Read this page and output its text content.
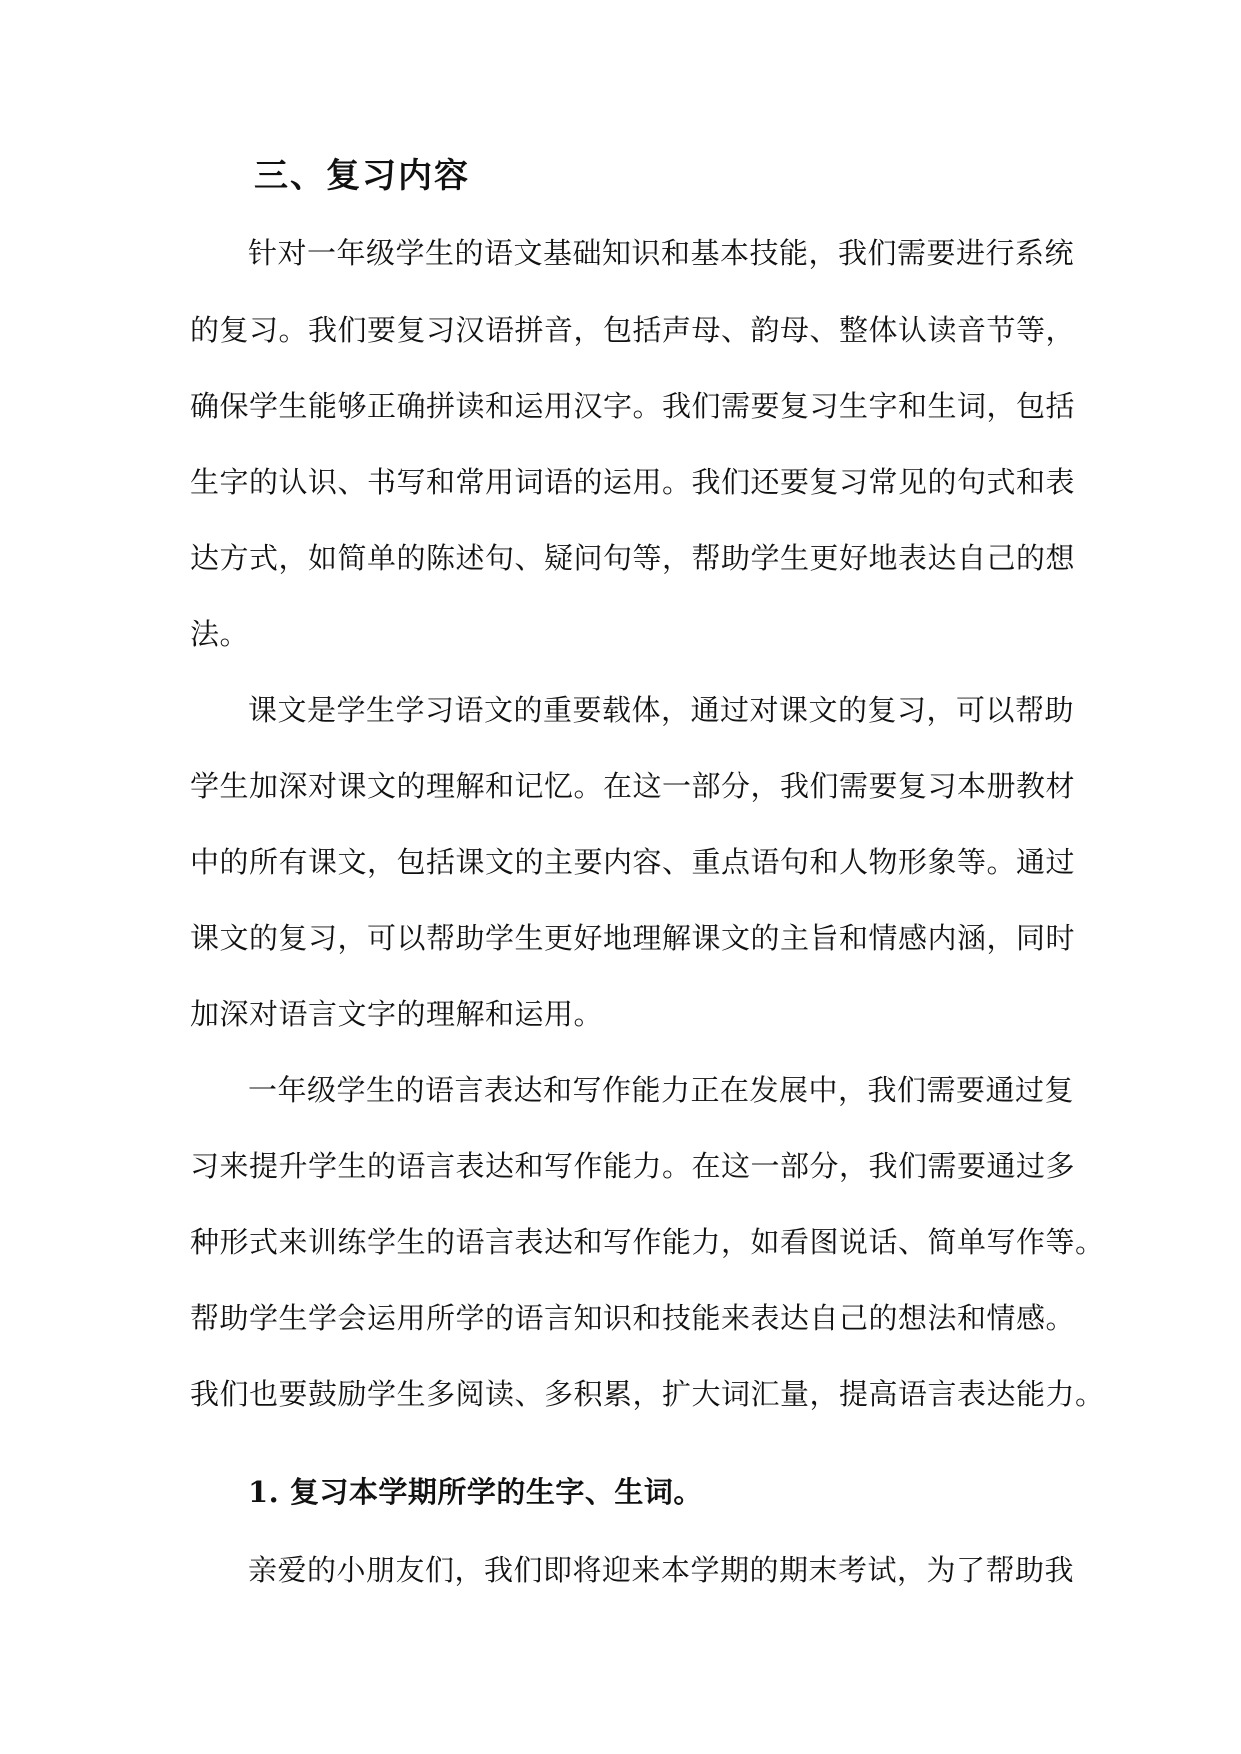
三、复习内容
针对一年级学生的语文基础知识和基本技能，我们需要进行系统
的复习。我们要复习汉语拼音，包括声母、韵母、整体认读音节等，
确保学生能够正确拼读和运用汉字。我们需要复习生字和生词，包括
生字的认识、书写和常用词语的运用。我们还要复习常见的句式和表
达方式，如简单的陈述句、疑问句等，帮助学生更好地表达自己的想
法。
课文是学生学习语文的重要载体，通过对课文的复习，可以帮助
学生加深对课文的理解和记忆。在这一部分，我们需要复习本册教材
中的所有课文，包括课文的主要内容、重点语句和人物形象等。通过
课文的复习，可以帮助学生更好地理解课文的主旨和情感内涵，同时
加深对语言文字的理解和运用。
一年级学生的语言表达和写作能力正在发展中，我们需要通过复
习来提升学生的语言表达和写作能力。在这一部分，我们需要通过多
种形式来训练学生的语言表达和写作能力，如看图说话、简单写作等。
帮助学生学会运用所学的语言知识和技能来表达自己的想法和情感。
我们也要鼓励学生多阅读、多积累，扩大词汇量，提高语言表达能力。
1. 复习本学期所学的生字、生词。
亲爱的小朋友们，我们即将迎来本学期的期末考试，为了帮助我
